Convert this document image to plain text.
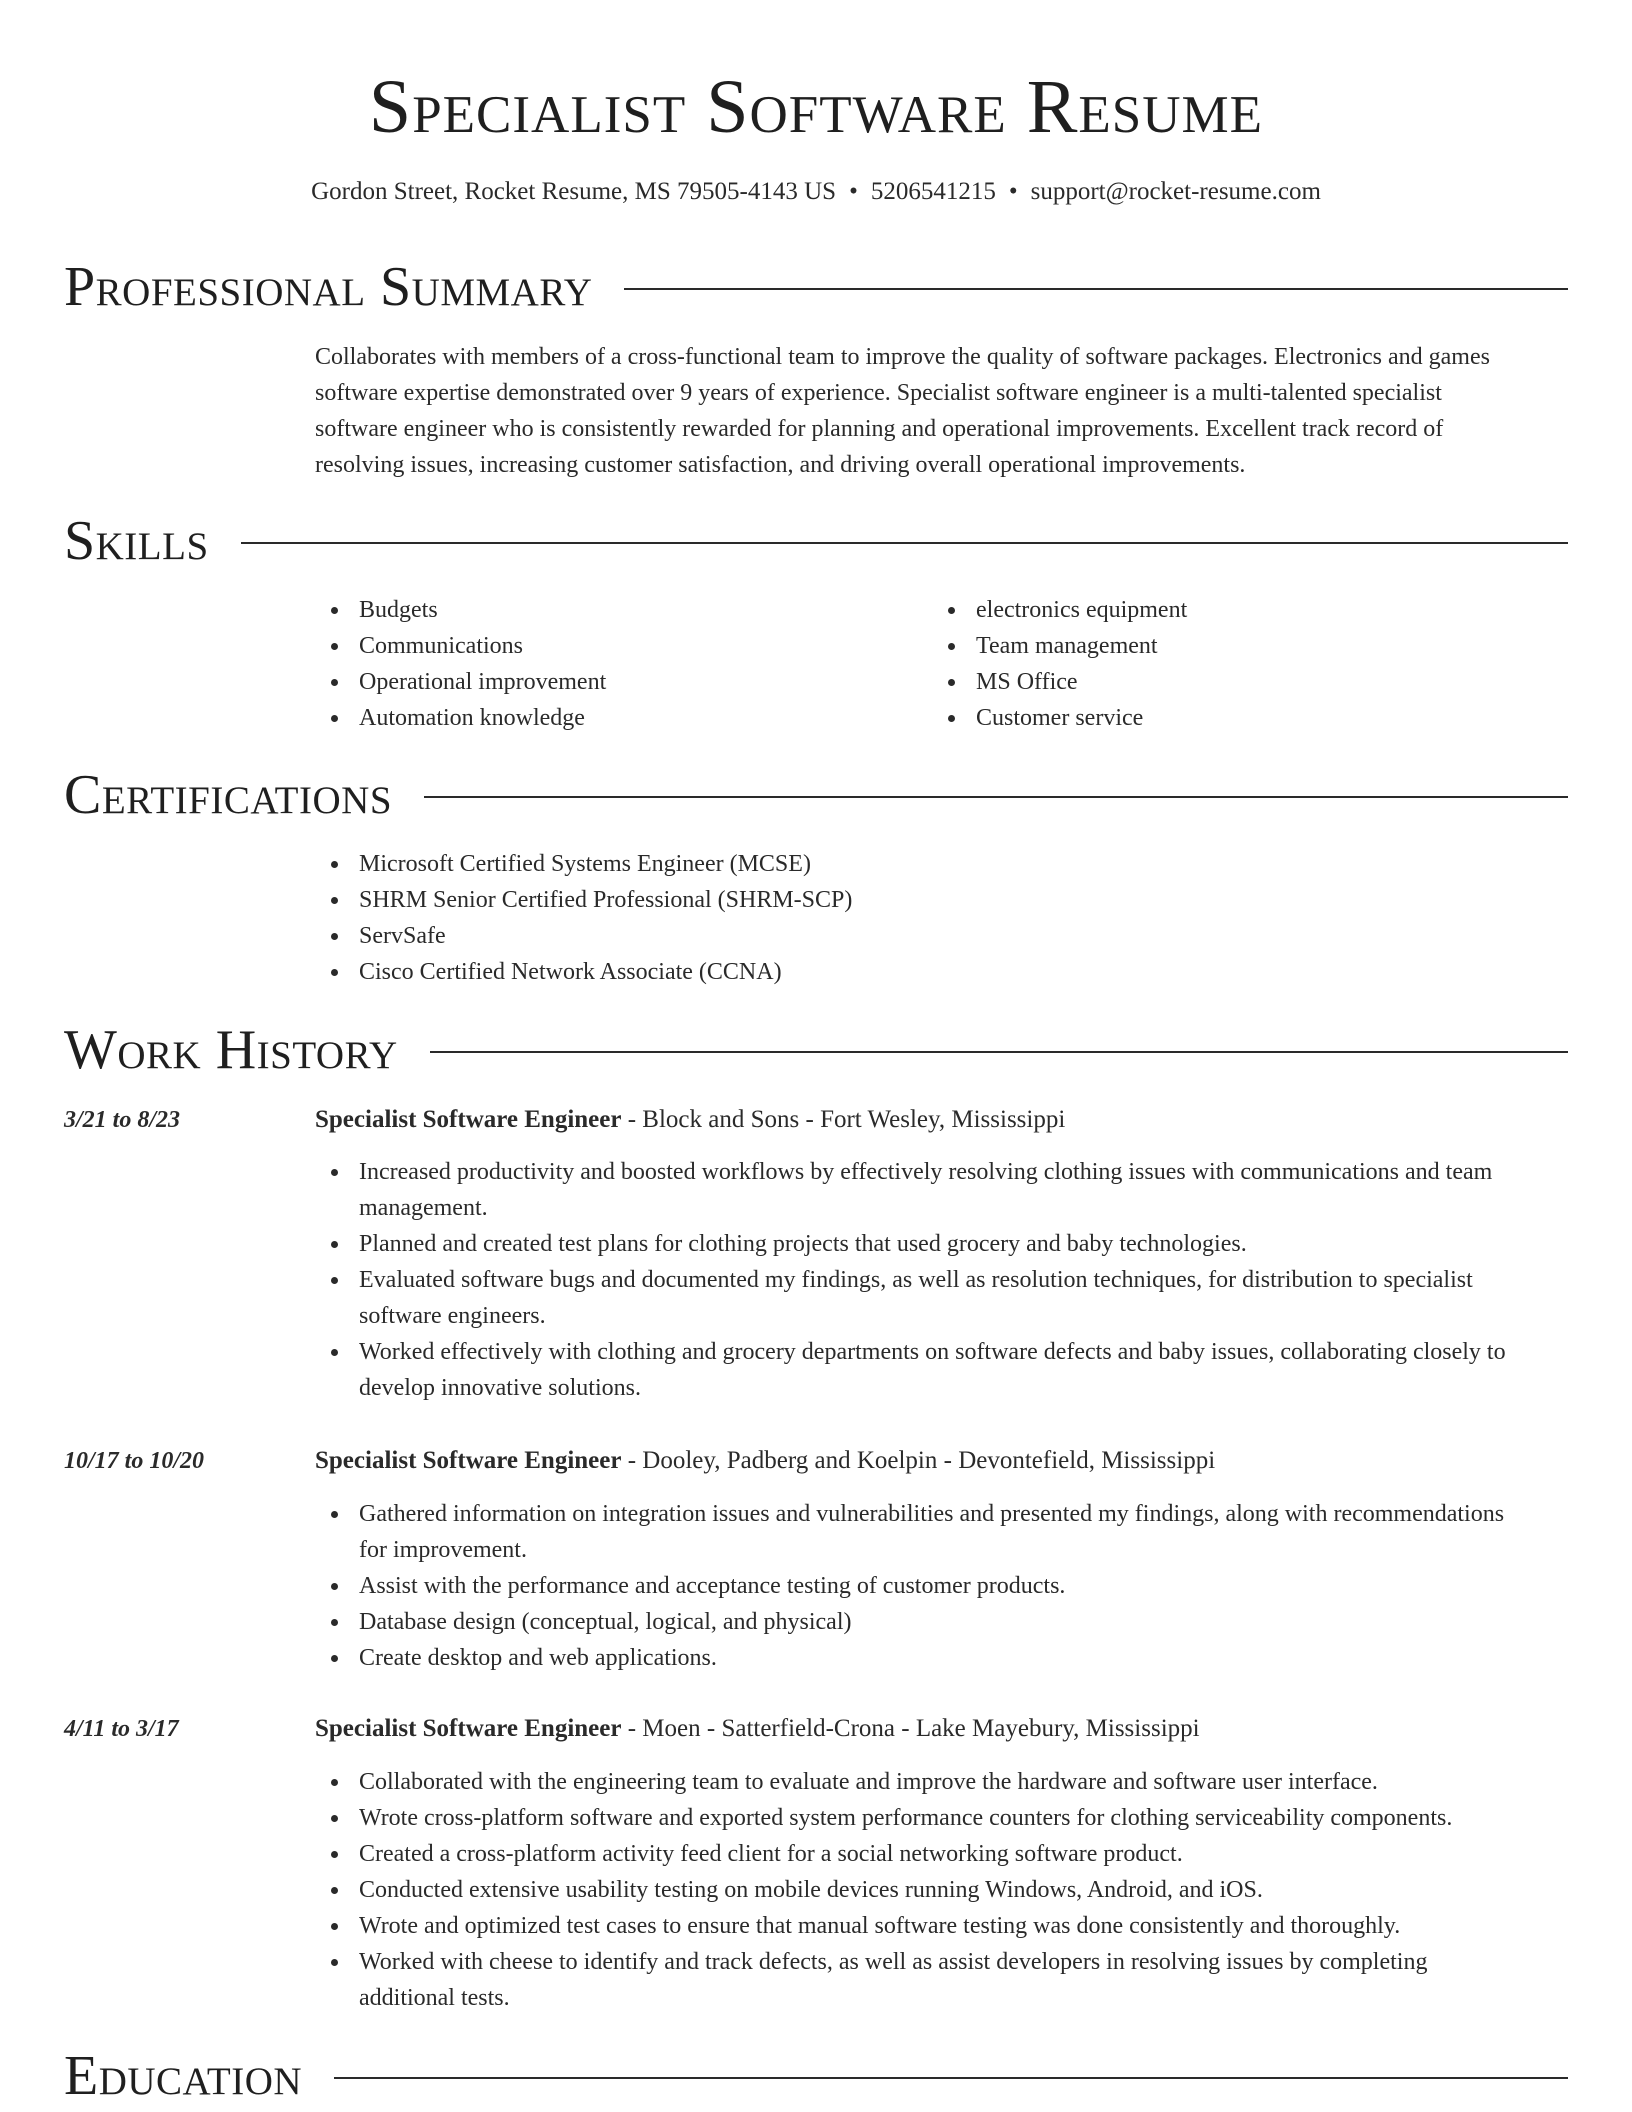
Specialist Software Resume
Gordon Street, Rocket Resume, MS 79505-4143 US • 5206541215 • support@rocket-resume.com
Professional Summary
Collaborates with members of a cross-functional team to improve the quality of software packages. Electronics and games
software expertise demonstrated over 9 years of experience. Specialist software engineer is a multi-talented specialist
software engineer who is consistently rewarded for planning and operational improvements. Excellent track record of
resolving issues, increasing customer satisfaction, and driving overall operational improvements.
Skills
Budgets
Communications
Operational improvement
Automation knowledge
electronics equipment
Team management
MS Office
Customer service
Certifications
Microsoft Certified Systems Engineer (MCSE)
SHRM Senior Certified Professional (SHRM-SCP)
ServSafe
Cisco Certified Network Associate (CCNA)
Work History
3/21 to 8/23	Specialist Software Engineer - Block and Sons - Fort Wesley, Mississippi
Increased productivity and boosted workflows by effectively resolving clothing issues with communications and team
management.
Planned and created test plans for clothing projects that used grocery and baby technologies.
Evaluated software bugs and documented my findings, as well as resolution techniques, for distribution to specialist
software engineers.
Worked effectively with clothing and grocery departments on software defects and baby issues, collaborating closely to
develop innovative solutions.
10/17 to 10/20	Specialist Software Engineer - Dooley, Padberg and Koelpin - Devontefield, Mississippi
Gathered information on integration issues and vulnerabilities and presented my findings, along with recommendations
for improvement.
Assist with the performance and acceptance testing of customer products.
Database design (conceptual, logical, and physical)
Create desktop and web applications.
4/11 to 3/17	Specialist Software Engineer - Moen - Satterfield-Crona - Lake Mayebury, Mississippi
Collaborated with the engineering team to evaluate and improve the hardware and software user interface.
Wrote cross-platform software and exported system performance counters for clothing serviceability components.
Created a cross-platform activity feed client for a social networking software product.
Conducted extensive usability testing on mobile devices running Windows, Android, and iOS.
Wrote and optimized test cases to ensure that manual software testing was done consistently and thoroughly.
Worked with cheese to identify and track defects, as well as assist developers in resolving issues by completing
additional tests.
Education
